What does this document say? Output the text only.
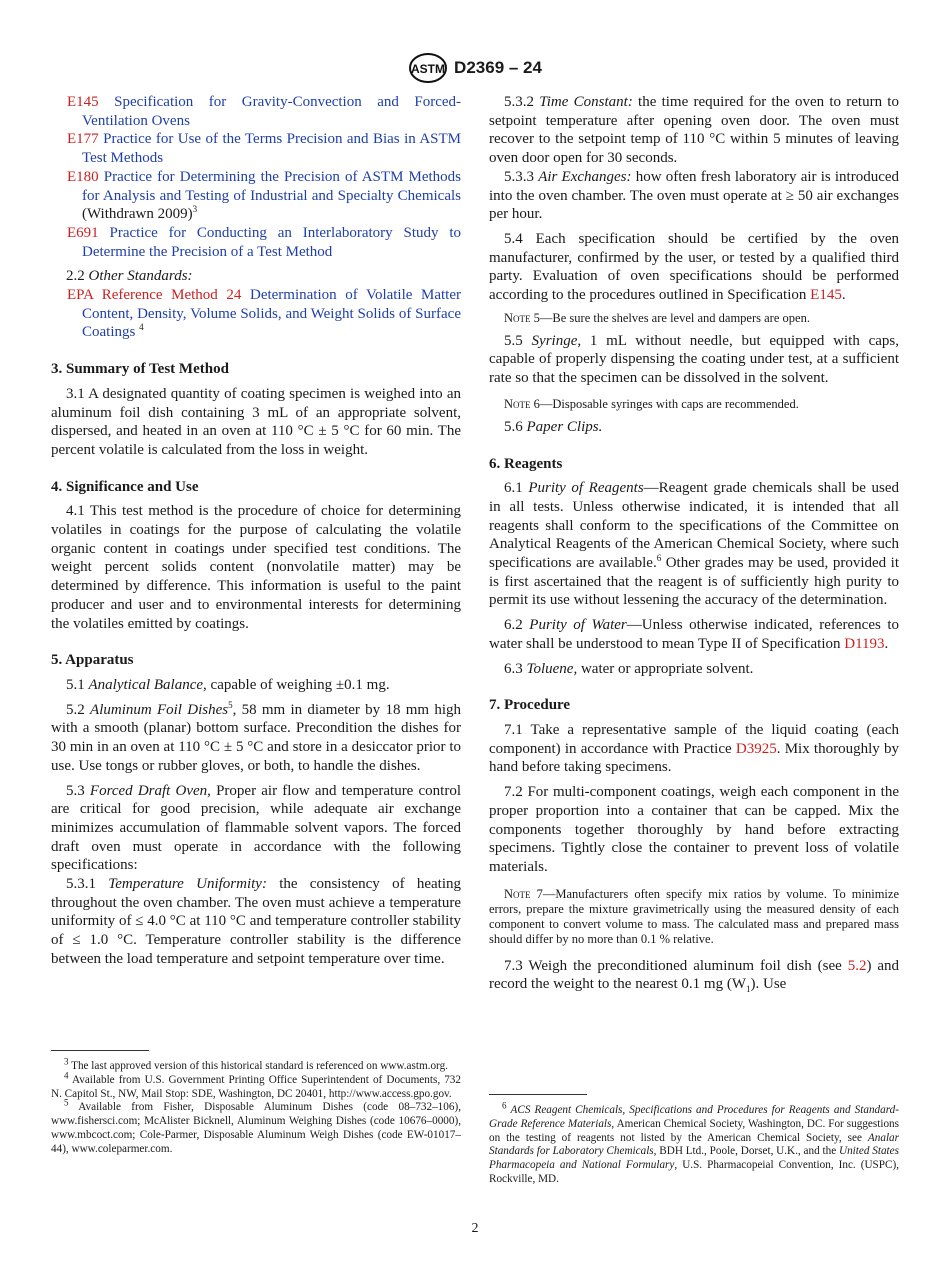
ASTM D2369 – 24

E145 Specification for Gravity-Convection and Forced-Ventilation Ovens

E177 Practice for Use of the Terms Precision and Bias in ASTM Test Methods

E180 Practice for Determining the Precision of ASTM Methods for Analysis and Testing of Industrial and Specialty Chemicals (Withdrawn 2009)$^3$

E691 Practice for Conducting an Interlaboratory Study to Determine the Precision of a Test Method

2.2 Other Standards:

EPA Reference Method 24 Determination of Volatile Matter Content, Density, Volume Solids, and Weight Solids of Surface Coatings $^4$

3. Summary of Test Method

3.1 A designated quantity of coating specimen is weighed into an aluminum foil dish containing 3 mL of an appropriate solvent, dispersed, and heated in an oven at 110 °C ± 5 °C for 60 min. The percent volatile is calculated from the loss in weight.

4. Significance and Use

4.1 This test method is the procedure of choice for determining volatiles in coatings for the purpose of calculating the volatile organic content in coatings under specified test conditions. The weight percent solids content (nonvolatile matter) may be determined by difference. This information is useful to the paint producer and user and to environmental interests for determining the volatiles emitted by coatings.

5. Apparatus

5.1 Analytical Balance, capable of weighing ±0.1 mg.

5.2 Aluminum Foil Dishes$^5$, 58 mm in diameter by 18 mm high with a smooth (planar) bottom surface. Precondition the dishes for 30 min in an oven at 110 °C ± 5 °C and store in a desiccator prior to use. Use tongs or rubber gloves, or both, to handle the dishes.

5.3 Forced Draft Oven, Proper air flow and temperature control are critical for good precision, while adequate air exchange minimizes accumulation of flammable solvent vapors. The forced draft oven must operate in accordance with the following specifications:

5.3.1 Temperature Uniformity: the consistency of heating throughout the oven chamber. The oven must achieve a temperature uniformity of ≤ 4.0 °C at 110 °C and temperature controller stability of ≤ 1.0 °C. Temperature controller stability is the difference between the load temperature and setpoint temperature over time.

$^3$ The last approved version of this historical standard is referenced on www.astm.org.

$^4$ Available from U.S. Government Printing Office Superintendent of Documents, 732 N. Capitol St., NW, Mail Stop: SDE, Washington, DC 20401, http://www.access.gpo.gov.

$^5$ Available from Fisher, Disposable Aluminum Dishes (code 08–732–106), www.fishersci.com; McAlister Bicknell, Aluminum Weighing Dishes (code 10676–0000), www.mbcoct.com; Cole-Parmer, Disposable Aluminum Weigh Dishes (code EW-01017–44), www.coleparmer.com.

5.3.2 Time Constant: the time required for the oven to return to setpoint temperature after opening oven door. The oven must recover to the setpoint temp of 110 °C within 5 minutes of leaving oven door open for 30 seconds.

5.3.3 Air Exchanges: how often fresh laboratory air is introduced into the oven chamber. The oven must operate at ≥ 50 air exchanges per hour.

5.4 Each specification should be certified by the oven manufacturer, confirmed by the user, or tested by a qualified third party. Evaluation of oven specifications should be performed according to the procedures outlined in Specification E145.

Note 5—Be sure the shelves are level and dampers are open.

5.5 Syringe, 1 mL without needle, but equipped with caps, capable of properly dispensing the coating under test, at a sufficient rate so that the specimen can be dissolved in the solvent.

Note 6—Disposable syringes with caps are recommended.

5.6 Paper Clips.

6. Reagents

6.1 Purity of Reagents—Reagent grade chemicals shall be used in all tests. Unless otherwise indicated, it is intended that all reagents shall conform to the specifications of the Committee on Analytical Reagents of the American Chemical Society, where such specifications are available.$^6$ Other grades may be used, provided it is first ascertained that the reagent is of sufficiently high purity to permit its use without lessening the accuracy of the determination.

6.2 Purity of Water—Unless otherwise indicated, references to water shall be understood to mean Type II of Specification D1193.

6.3 Toluene, water or appropriate solvent.

7. Procedure

7.1 Take a representative sample of the liquid coating (each component) in accordance with Practice D3925. Mix thoroughly by hand before taking specimens.

7.2 For multi-component coatings, weigh each component in the proper proportion into a container that can be capped. Mix the components together thoroughly by hand before extracting specimens. Tightly close the container to prevent loss of volatile materials.

Note 7—Manufacturers often specify mix ratios by volume. To minimize errors, prepare the mixture gravimetrically using the measured density of each component to convert volume to mass. The calculated mass and prepared mass should differ by no more than 0.1 % relative.

7.3 Weigh the preconditioned aluminum foil dish (see 5.2) and record the weight to the nearest 0.1 mg $(W_1)$. Use

$^6$ ACS Reagent Chemicals, Specifications and Procedures for Reagents and Standard-Grade Reference Materials, American Chemical Society, Washington, DC. For suggestions on the testing of reagents not listed by the American Chemical Society, see Analar Standards for Laboratory Chemicals, BDH Ltd., Poole, Dorset, U.K., and the United States Pharmacopeia and National Formulary, U.S. Pharmacopeial Convention, Inc. (USPC), Rockville, MD.

2
